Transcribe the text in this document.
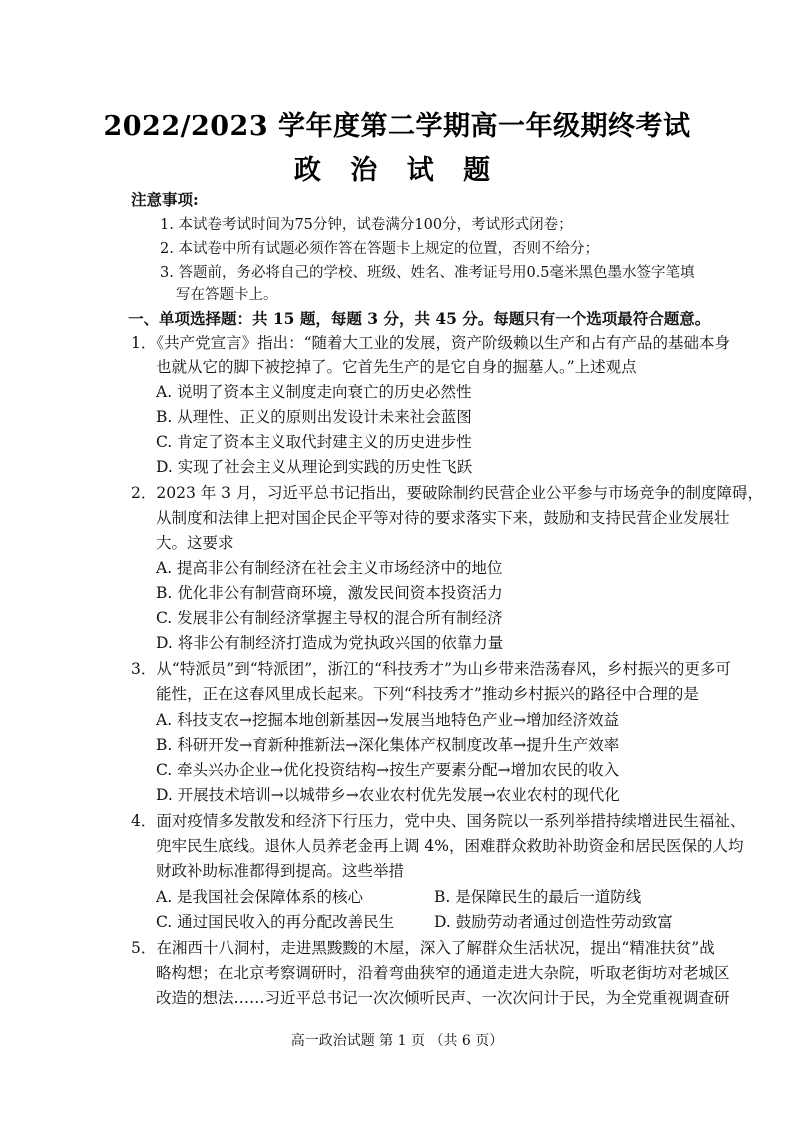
2022/2023 学年度第二学期高一年级期终考试
政 治 试 题
注意事项:
1. 本试卷考试时间为75分钟，试卷满分100分，考试形式闭卷；
2. 本试卷中所有试题必须作答在答题卡上规定的位置，否则不给分；
3. 答题前，务必将自己的学校、班级、姓名、准考证号用0.5毫米黑色墨水签字笔填
写在答题卡上。
一、单项选择题：共 15 题，每题 3 分，共 45 分。每题只有一个选项最符合题意。
1．《共产党宣言》指出：“随着大工业的发展，资产阶级赖以生产和占有产品的基础本身
也就从它的脚下被挖掉了。它首先生产的是它自身的掘墓人。”上述观点
A. 说明了资本主义制度走向衰亡的历史必然性
B. 从理性、正义的原则出发设计未来社会蓝图
C. 肯定了资本主义取代封建主义的历史进步性
D. 实现了社会主义从理论到实践的历史性飞跃
2．2023 年 3 月，习近平总书记指出，要破除制约民营企业公平参与市场竞争的制度障碍，
从制度和法律上把对国企民企平等对待的要求落实下来，鼓励和支持民营企业发展壮
大。这要求
A. 提高非公有制经济在社会主义市场经济中的地位
B. 优化非公有制营商环境，激发民间资本投资活力
C. 发展非公有制经济掌握主导权的混合所有制经济
D. 将非公有制经济打造成为党执政兴国的依靠力量
3．从“特派员”到“特派团”，浙江的“科技秀才”为山乡带来浩荡春风，乡村振兴的更多可
能性，正在这春风里成长起来。下列“科技秀才”推动乡村振兴的路径中合理的是
A. 科技支农→挖掘本地创新基因→发展当地特色产业→增加经济效益
B. 科研开发→育新种推新法→深化集体产权制度改革→提升生产效率
C. 牵头兴办企业→优化投资结构→按生产要素分配→增加农民的收入
D. 开展技术培训→以城带乡→农业农村优先发展→农业农村的现代化
4．面对疫情多发散发和经济下行压力，党中央、国务院以一系列举措持续增进民生福祉、
兜牢民生底线。退休人员养老金再上调 4%，困难群众救助补助资金和居民医保的人均
财政补助标准都得到提高。这些举措
A. 是我国社会保障体系的核心	B. 是保障民生的最后一道防线
C. 通过国民收入的再分配改善民生	D. 鼓励劳动者通过创造性劳动致富
5．在湘西十八洞村，走进黑黢黢的木屋，深入了解群众生活状况，提出“精准扶贫”战
略构想；在北京考察调研时，沿着弯曲狭窄的通道走进大杂院，听取老街坊对老城区
改造的想法……习近平总书记一次次倾听民声、一次次问计于民，为全党重视调查研
高一政治试题 第 1 页 （共 6 页）
